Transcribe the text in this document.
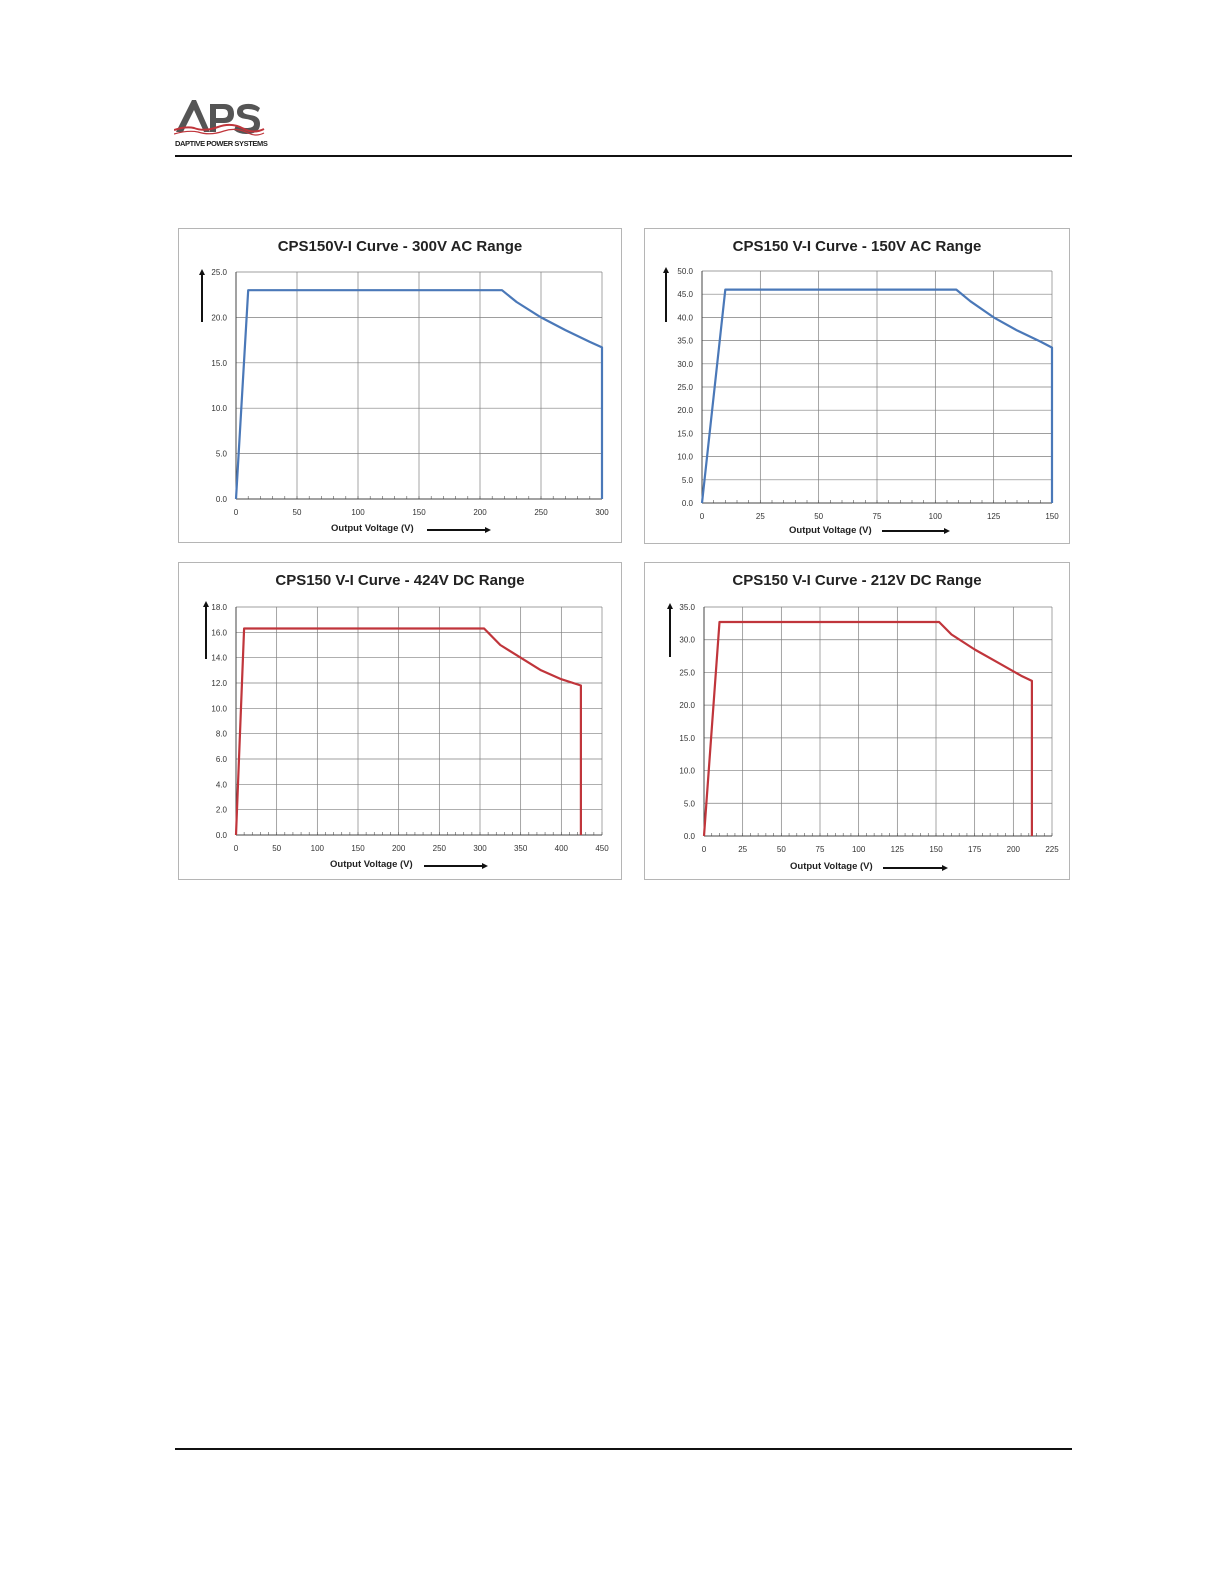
DAPTIVE POWER SYSTEMS
CPS150V-I Curve - 300V AC Range
0	50	100	150	200	250	300
0.0
5.0
10.0
15.0
20.0
25.0
Output Voltage (V)
CPS150 V-I Curve - 150V AC Range
0	25	50	75	100	125	150
0.0
5.0
10.0
15.0
20.0
25.0
30.0
35.0
40.0
45.0
50.0
Output Voltage (V)
CPS150 V-I Curve - 424V DC Range
0	50	100	150	200	250	300	350	400	450
0.0
2.0
4.0
6.0
8.0
10.0
12.0
14.0
16.0
18.0
Output Voltage (V)
CPS150 V-I Curve - 212V DC Range
0	25	50	75	100	125	150	175	200	225
0.0
5.0
10.0
15.0
20.0
25.0
30.0
35.0
Output Voltage (V)
